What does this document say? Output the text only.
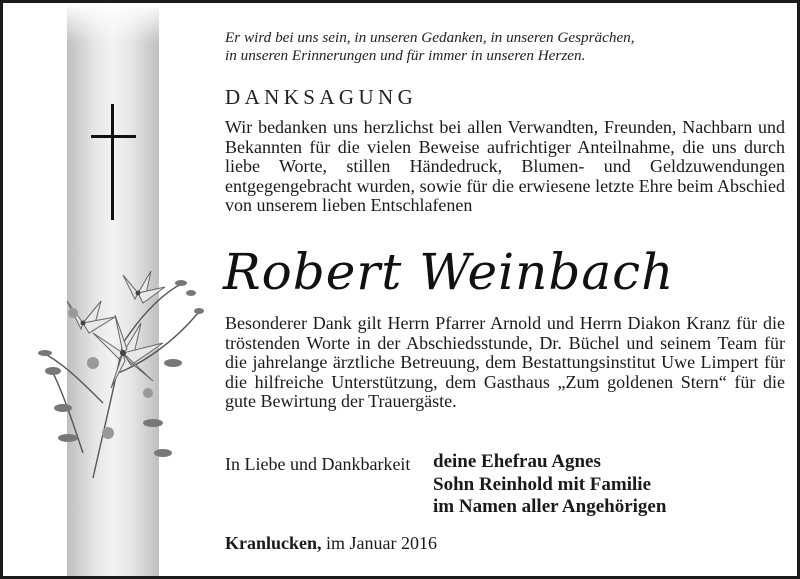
Er wird bei uns sein, in unseren Gedanken, in unseren Gesprächen,
in unseren Erinnerungen und für immer in unseren Herzen.
DANKSAGUNG
Wir bedanken uns herzlichst bei allen Verwandten, Freunden, Nachbarn und Bekannten für die vielen Beweise aufrichtiger Anteilnahme, die uns durch liebe Worte, stillen Händedruck, Blumen- und Geldzuwendungen entgegengebracht wurden, sowie für die erwiesene letzte Ehre beim Abschied von unserem lieben Entschlafenen
Robert Weinbach
Besonderer Dank gilt Herrn Pfarrer Arnold und Herrn Diakon Kranz für die tröstenden Worte in der Abschiedsstunde, Dr. Büchel und seinem Team für die jahrelange ärztliche Betreuung, dem Bestattungsinstitut Uwe Limpert für die hilfreiche Unterstützung, dem Gasthaus „Zum goldenen Stern“ für die gute Bewirtung der Trauergäste.
In Liebe und Dankbarkeit deine Ehefrau Agnes
Sohn Reinhold mit Familie
im Namen aller Angehörigen
Kranlucken, im Januar 2016
